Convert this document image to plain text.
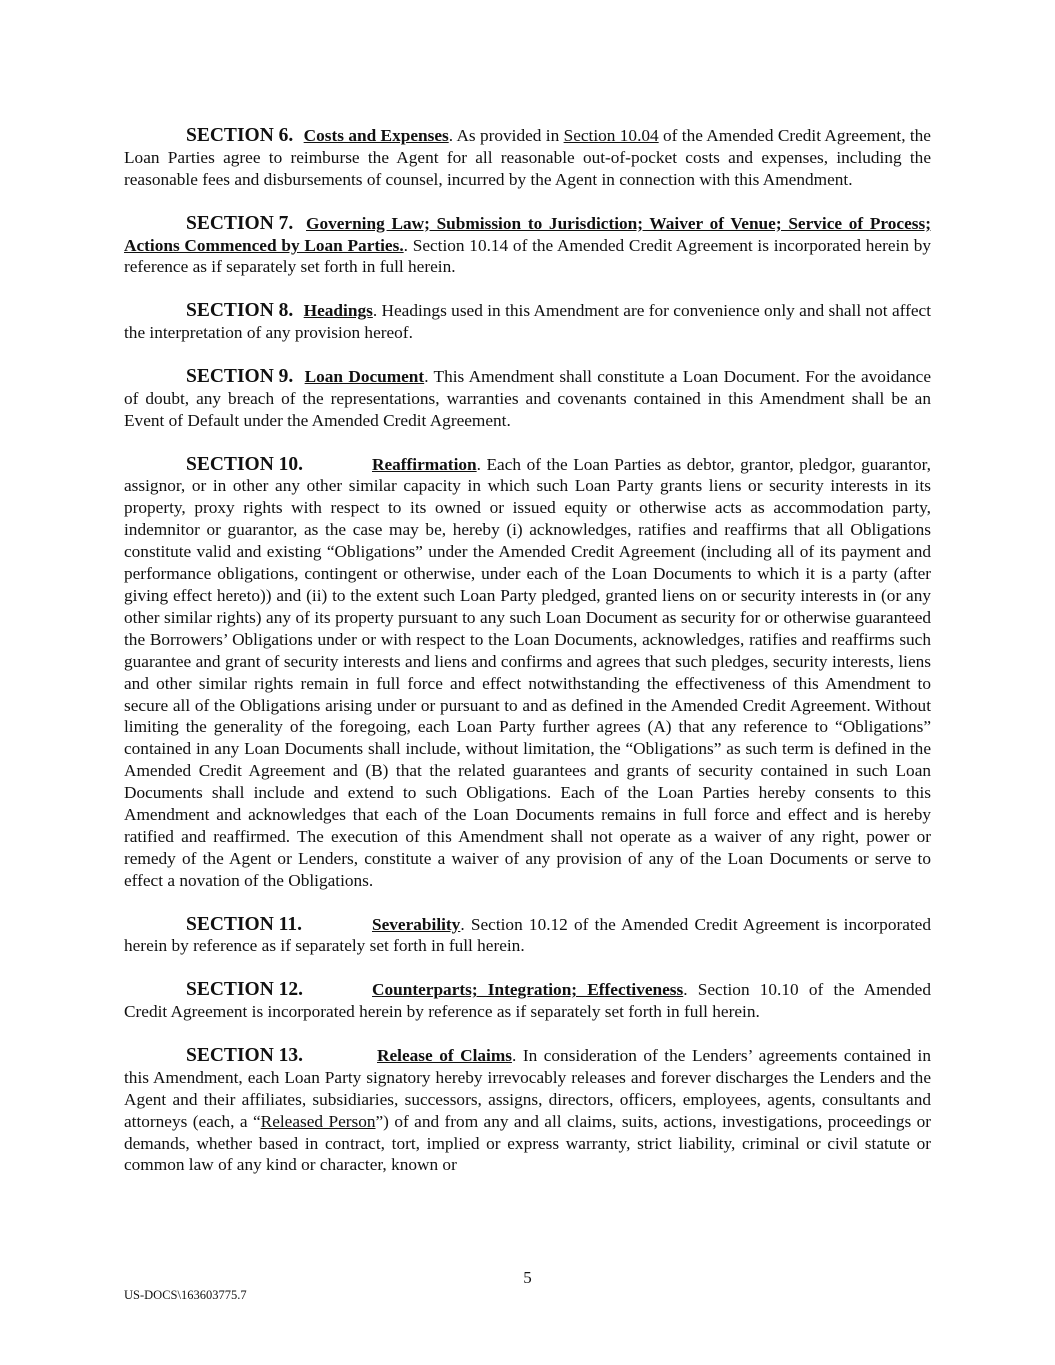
SECTION 6. Costs and Expenses. As provided in Section 10.04 of the Amended Credit Agreement, the Loan Parties agree to reimburse the Agent for all reasonable out-of-pocket costs and expenses, including the reasonable fees and disbursements of counsel, incurred by the Agent in connection with this Amendment.

SECTION 7. Governing Law; Submission to Jurisdiction; Waiver of Venue; Service of Process; Actions Commenced by Loan Parties.. Section 10.14 of the Amended Credit Agreement is incorporated herein by reference as if separately set forth in full herein.

SECTION 8. Headings. Headings used in this Amendment are for convenience only and shall not affect the interpretation of any provision hereof.

SECTION 9. Loan Document. This Amendment shall constitute a Loan Document. For the avoidance of doubt, any breach of the representations, warranties and covenants contained in this Amendment shall be an Event of Default under the Amended Credit Agreement.

SECTION 10.	Reaffirmation. Each of the Loan Parties as debtor, grantor, pledgor, guarantor, assignor, or in other any other similar capacity in which such Loan Party grants liens or security interests in its property, proxy rights with respect to its owned or issued equity or otherwise acts as accommodation party, indemnitor or guarantor, as the case may be, hereby (i) acknowledges, ratifies and reaffirms that all Obligations constitute valid and existing “Obligations” under the Amended Credit Agreement (including all of its payment and performance obligations, contingent or otherwise, under each of the Loan Documents to which it is a party (after giving effect hereto)) and (ii) to the extent such Loan Party pledged, granted liens on or security interests in (or any other similar rights) any of its property pursuant to any such Loan Document as security for or otherwise guaranteed the Borrowers’ Obligations under or with respect to the Loan Documents, acknowledges, ratifies and reaffirms such guarantee and grant of security interests and liens and confirms and agrees that such pledges, security interests, liens and other similar rights remain in full force and effect notwithstanding the effectiveness of this Amendment to secure all of the Obligations arising under or pursuant to and as defined in the Amended Credit Agreement. Without limiting the generality of the foregoing, each Loan Party further agrees (A) that any reference to “Obligations” contained in any Loan Documents shall include, without limitation, the “Obligations” as such term is defined in the Amended Credit Agreement and (B) that the related guarantees and grants of security contained in such Loan Documents shall include and extend to such Obligations. Each of the Loan Parties hereby consents to this Amendment and acknowledges that each of the Loan Documents remains in full force and effect and is hereby ratified and reaffirmed. The execution of this Amendment shall not operate as a waiver of any right, power or remedy of the Agent or Lenders, constitute a waiver of any provision of any of the Loan Documents or serve to effect a novation of the Obligations.

SECTION 11.	Severability. Section 10.12 of the Amended Credit Agreement is incorporated herein by reference as if separately set forth in full herein.

SECTION 12.	Counterparts; Integration; Effectiveness. Section 10.10 of the Amended Credit Agreement is incorporated herein by reference as if separately set forth in full herein.

SECTION 13.	Release of Claims. In consideration of the Lenders’ agreements contained in this Amendment, each Loan Party signatory hereby irrevocably releases and forever discharges the Lenders and the Agent and their affiliates, subsidiaries, successors, assigns, directors, officers, employees, agents, consultants and attorneys (each, a “Released Person”) of and from any and all claims, suits, actions, investigations, proceedings or demands, whether based in contract, tort, implied or express warranty, strict liability, criminal or civil statute or common law of any kind or character, known or

5
US-DOCS\163603775.7
